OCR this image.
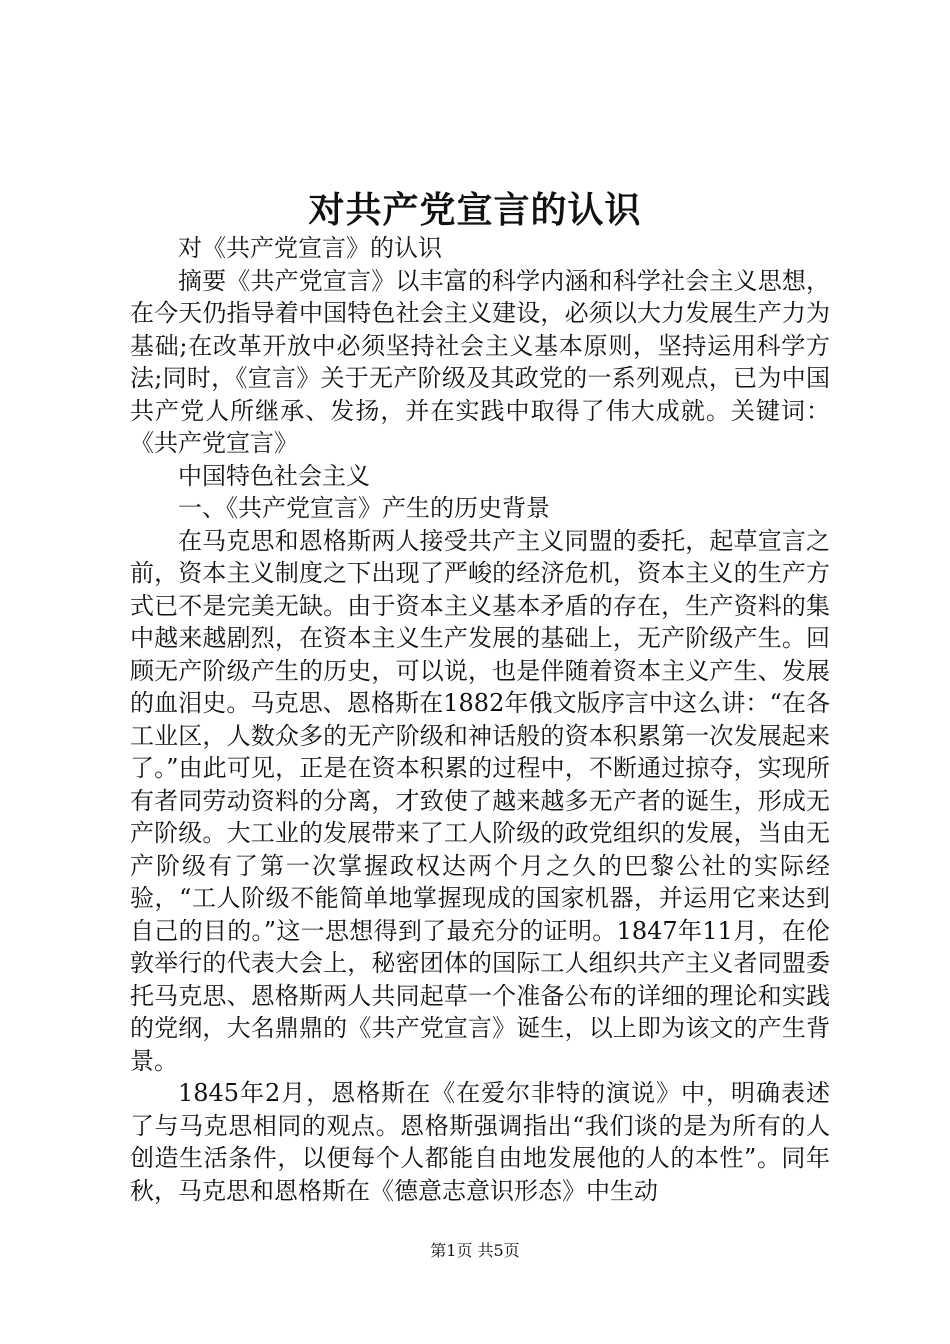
对共产党宣言的认识

对《共产党宣言》的认识

摘要《共产党宣言》以丰富的科学内涵和科学社会主义思想，在今天仍指导着中国特色社会主义建设，必须以大力发展生产力为基础;在改革开放中必须坚持社会主义基本原则，坚持运用科学方法;同时，《宣言》关于无产阶级及其政党的一系列观点，已为中国共产党人所继承、发扬，并在实践中取得了伟大成就。关键词：《共产党宣言》

中国特色社会主义

一、《共产党宣言》产生的历史背景

在马克思和恩格斯两人接受共产主义同盟的委托，起草宣言之前，资本主义制度之下出现了严峻的经济危机，资本主义的生产方式已不是完美无缺。由于资本主义基本矛盾的存在，生产资料的集中越来越剧烈，在资本主义生产发展的基础上，无产阶级产生。回顾无产阶级产生的历史，可以说，也是伴随着资本主义产生、发展的血泪史。马克思、恩格斯在1882年俄文版序言中这么讲：“在各工业区，人数众多的无产阶级和神话般的资本积累第一次发展起来了。”由此可见，正是在资本积累的过程中，不断通过掠夺，实现所有者同劳动资料的分离，才致使了越来越多无产者的诞生，形成无产阶级。大工业的发展带来了工人阶级的政党组织的发展，当由无产阶级有了第一次掌握政权达两个月之久的巴黎公社的实际经验，“工人阶级不能简单地掌握现成的国家机器，并运用它来达到自己的目的。”这一思想得到了最充分的证明。1847年11月，在伦敦举行的代表大会上，秘密团体的国际工人组织共产主义者同盟委托马克思、恩格斯两人共同起草一个准备公布的详细的理论和实践的党纲，大名鼎鼎的《共产党宣言》诞生，以上即为该文的产生背景。

1845年2月，恩格斯在《在爱尔非特的演说》中，明确表述了与马克思相同的观点。恩格斯强调指出“我们谈的是为所有的人创造生活条件，以便每个人都能自由地发展他的人的本性”。同年秋，马克思和恩格斯在《德意志意识形态》中生动

第1页 共5页
